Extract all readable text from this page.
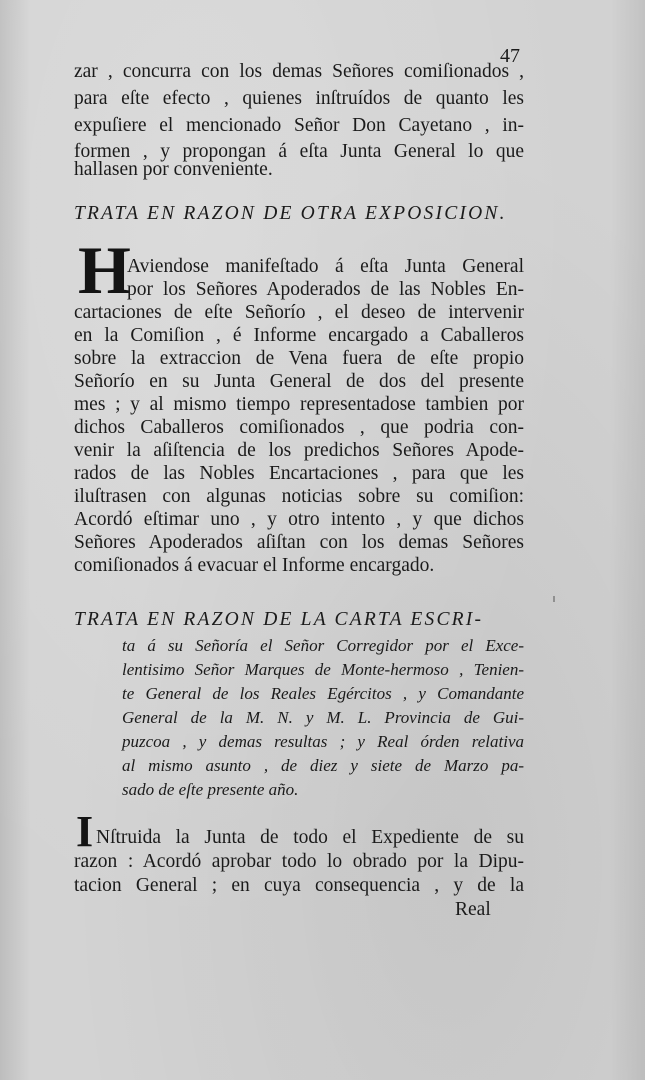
47
zar , concurra con los demas Señores comiſionados ,
para eſte efecto , quienes inſtruídos de quanto les
expuſiere el mencionado Señor Don Cayetano , in-
formen , y propongan á eſta Junta General lo que
hallasen por conveniente.
TRATA EN RAZON DE OTRA EXPOSICION.
H
Aviendose manifeſtado á eſta Junta General
por los Señores Apoderados de las Nobles En-
cartaciones de eſte Señorío , el deseo de intervenir
en la Comiſion , é Informe encargado a Caballeros
sobre la extraccion de Vena fuera de eſte propio
Señorío en su Junta General de dos del presente
mes ; y al mismo tiempo representadose tambien por
dichos Caballeros comiſionados , que podria con-
venir la aſiſtencia de los predichos Señores Apode-
rados de las Nobles Encartaciones , para que les
iluſtrasen con algunas noticias sobre su comiſion:
Acordó eſtimar uno , y otro intento , y que dichos
Señores Apoderados aſiſtan con los demas Señores
comiſionados á evacuar el Informe encargado.
TRATA EN RAZON DE LA CARTA ESCRI-
ta á su Señoría el Señor Corregidor por el Exce-
lentisimo Señor Marques de Monte-hermoso , Tenien-
te General de los Reales Egércitos , y Comandante
General de la M. N. y M. L. Provincia de Gui-
puzcoa , y demas resultas ; y Real órden relativa
al mismo asunto , de diez y siete de Marzo pa-
sado de eſte presente año.
I Nſtruida la Junta de todo el Expediente de su
razon : Acordó aprobar todo lo obrado por la Dipu-
tacion General ; en cuya consequencia , y de la
Real
